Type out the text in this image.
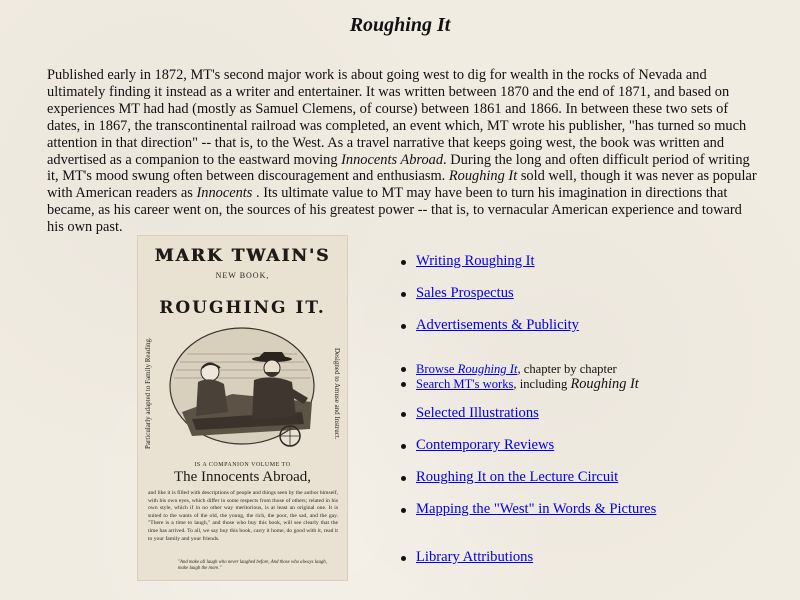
Roughing It

Published early in 1872, MT's second major work is about going west to dig for wealth in the rocks of Nevada and ultimately finding it instead as a writer and entertainer. It was written between 1870 and the end of 1871, and based on experiences MT had had (mostly as Samuel Clemens, of course) between 1861 and 1866. In between these two sets of dates, in 1867, the transcontinental railroad was completed, an event which, MT wrote his publisher, "has turned so much attention in that direction" -- that is, to the West. As a travel narrative that keeps going west, the book was written and advertised as a companion to the eastward moving Innocents Abroad. During the long and often difficult period of writing it, MT's mood swung often between discouragement and enthusiasm. Roughing It sold well, though it was never as popular with American readers as Innocents . Its ultimate value to MT may have been to turn his imagination in directions that became, as his career went on, the sources of his greatest power -- that is, to vernacular American experience and toward his own past.

MARK TWAIN'S
NEW BOOK,
ROUGHING IT.
Particularly adapted to Family Reading.	Designed to Amuse and Instruct.
IS A COMPANION VOLUME TO
The Innocents Abroad,

and like it is filled with descriptions of people and things seen by the author himself, with his own eyes, which differ in some respects from those of others; related in his own style, which if in no other way meritorious, is at least an original one. It is suited to the wants of the old, the young, the rich, the poor, the sad, and the gay. "There is a time to laugh," and those who buy this book, will see clearly that the time has arrived. To all, we say buy this book, carry it home, do good with it, read it to your family and your friends.

"And make all laugh who never laughed before, And those who always laugh, make laugh the more."

Writing Roughing It
Sales Prospectus
Advertisements & Publicity
Browse Roughing It, chapter by chapter
Search MT's works, including Roughing It
Selected Illustrations
Contemporary Reviews
Roughing It on the Lecture Circuit
Mapping the "West" in Words & Pictures
Library Attributions
